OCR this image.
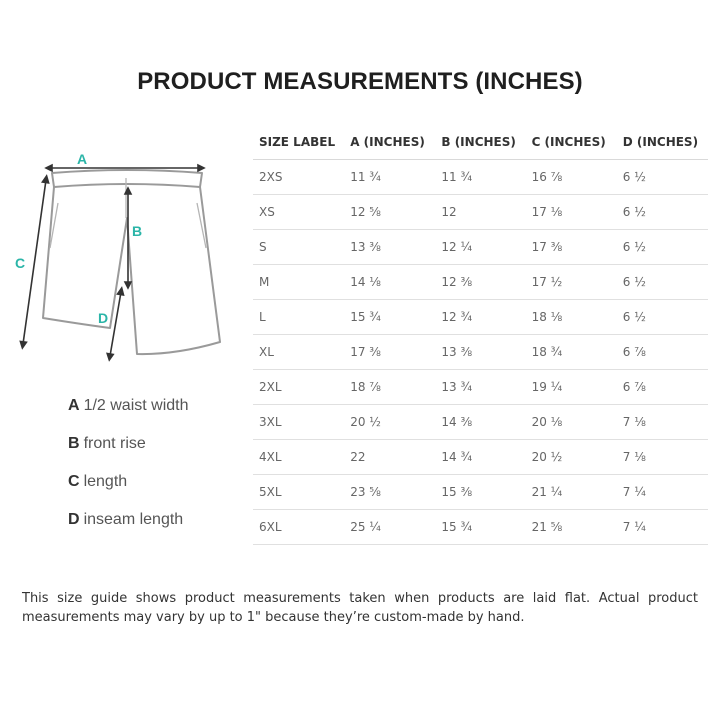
PRODUCT MEASUREMENTS (INCHES)
A
B
C
D
A 1/2 waist width
B front rise
C length
D inseam length
SIZE LABEL	A (INCHES)	B (INCHES)	C (INCHES)	D (INCHES)
2XS	11 ¾	11 ¾	16 ⅞	6 ½
XS	12 ⅝	12	17 ⅛	6 ½
S	13 ⅜	12 ¼	17 ⅜	6 ½
M	14 ⅛	12 ⅜	17 ½	6 ½
L	15 ¾	12 ¾	18 ⅛	6 ½
XL	17 ⅜	13 ⅜	18 ¾	6 ⅞
2XL	18 ⅞	13 ¾	19 ¼	6 ⅞
3XL	20 ½	14 ⅜	20 ⅛	7 ⅛
4XL	22	14 ¾	20 ½	7 ⅛
5XL	23 ⅝	15 ⅜	21 ¼	7 ¼
6XL	25 ¼	15 ¾	21 ⅝	7 ¼
This size guide shows product measurements taken when products are laid flat. Actual product measurements may vary by up to 1" because they’re custom-made by hand.
